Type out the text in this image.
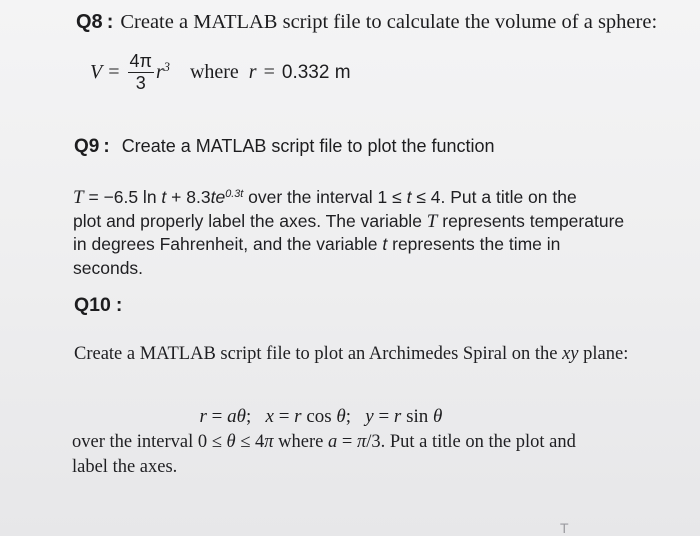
Q8 : Create a MATLAB script file to calculate the volume of a sphere:
$V = \frac{4\pi}{3} r^3$ where r = 0.332 m
Q9 : Create a MATLAB script file to plot the function
T = −6.5 $\ln t + 8.3te^{0.3t}$ over the interval 1 ≤ t ≤ 4. Put a title on the
plot and properly label the axes. The variable T represents temperature
in degrees Fahrenheit, and the variable t represents the time in
seconds.
Q10 :
Create a MATLAB script file to plot an Archimedes Spiral on the xy plane:

r = aθ;   x = r cos θ;   y = r sin θ

over the interval 0 ≤ θ ≤ 4π where a = π/3. Put a title on the plot and
label the axes.
T
